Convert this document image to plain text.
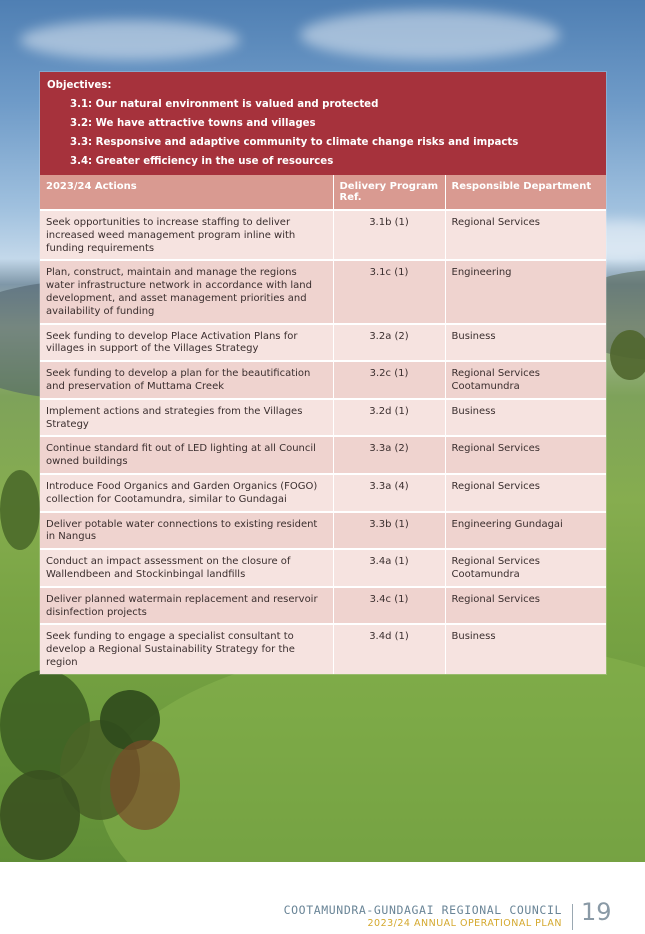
Objectives:
3.1: Our natural environment is valued and protected
3.2: We have attractive towns and villages
3.3: Responsive and adaptive community to climate change risks and impacts
3.4: Greater efficiency in the use of resources
2023/24 Actions	Delivery Program Ref.	Responsible Department
Seek opportunities to increase staffing to deliver increased weed management program inline with funding requirements	3.1b (1)	Regional Services
Plan, construct, maintain and manage the regions water infrastructure network in accordance with land development, and asset management priorities and availability of funding	3.1c (1)	Engineering
Seek funding to develop Place Activation Plans for villages in support of the Villages Strategy	3.2a (2)	Business
Seek funding to develop a plan for the beautification and preservation of Muttama Creek	3.2c (1)	Regional Services Cootamundra
Implement actions and strategies from the Villages Strategy	3.2d (1)	Business
Continue standard fit out of LED lighting at all Council owned buildings	3.3a (2)	Regional Services
Introduce Food Organics and Garden Organics (FOGO) collection for Cootamundra, similar to Gundagai	3.3a (4)	Regional Services
Deliver potable water connections to existing resident in Nangus	3.3b (1)	Engineering Gundagai
Conduct an impact assessment on the closure of Wallendbeen and Stockinbingal landfills	3.4a (1)	Regional Services Cootamundra
Deliver planned watermain replacement and reservoir disinfection projects	3.4c (1)	Regional Services
Seek funding to engage a specialist consultant to develop a Regional Sustainability Strategy for the region	3.4d (1)	Business
COOTAMUNDRA-GUNDAGAI REGIONAL COUNCIL
2023/24 ANNUAL OPERATIONAL PLAN 19
